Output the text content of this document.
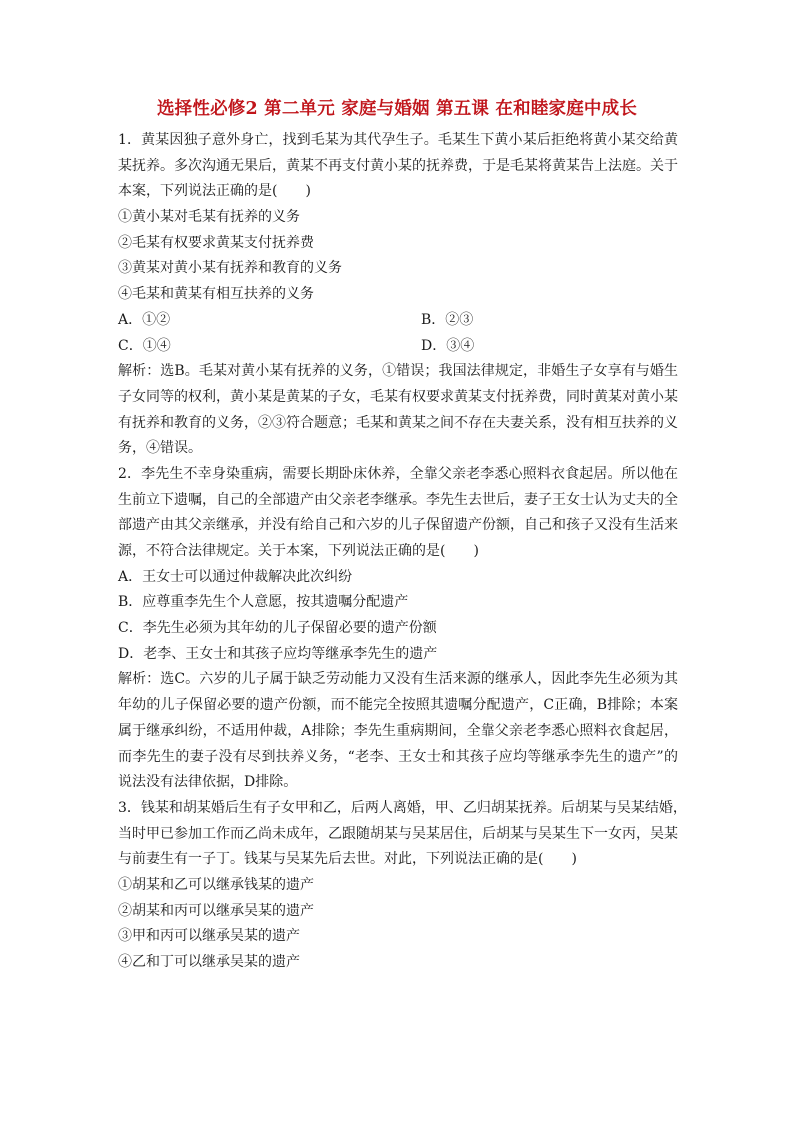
选择性必修2 第二单元 家庭与婚姻 第五课 在和睦家庭中成长
1．黄某因独子意外身亡，找到毛某为其代孕生子。毛某生下黄小某后拒绝将黄小某交给黄
某抚养。多次沟通无果后，黄某不再支付黄小某的抚养费，于是毛某将黄某告上法庭。关于
本案，下列说法正确的是(　　)
①黄小某对毛某有抚养的义务
②毛某有权要求黄某支付抚养费
③黄某对黄小某有抚养和教育的义务
④毛某和黄某有相互扶养的义务
A．①②	B．②③
C．①④	D．③④
解析：选B。毛某对黄小某有抚养的义务，①错误；我国法律规定，非婚生子女享有与婚生
子女同等的权利，黄小某是黄某的子女，毛某有权要求黄某支付抚养费，同时黄某对黄小某
有抚养和教育的义务，②③符合题意；毛某和黄某之间不存在夫妻关系，没有相互扶养的义
务，④错误。
2．李先生不幸身染重病，需要长期卧床休养，全靠父亲老李悉心照料衣食起居。所以他在
生前立下遗嘱，自己的全部遗产由父亲老李继承。李先生去世后，妻子王女士认为丈夫的全
部遗产由其父亲继承，并没有给自己和六岁的儿子保留遗产份额，自己和孩子又没有生活来
源，不符合法律规定。关于本案，下列说法正确的是(　　)
A．王女士可以通过仲裁解决此次纠纷
B．应尊重李先生个人意愿，按其遗嘱分配遗产
C．李先生必须为其年幼的儿子保留必要的遗产份额
D．老李、王女士和其孩子应均等继承李先生的遗产
解析：选C。六岁的儿子属于缺乏劳动能力又没有生活来源的继承人，因此李先生必须为其
年幼的儿子保留必要的遗产份额，而不能完全按照其遗嘱分配遗产，C正确，B排除；本案
属于继承纠纷，不适用仲裁，A排除；李先生重病期间，全靠父亲老李悉心照料衣食起居，
而李先生的妻子没有尽到扶养义务，“老李、王女士和其孩子应均等继承李先生的遗产”的
说法没有法律依据，D排除。
3．钱某和胡某婚后生有子女甲和乙，后两人离婚，甲、乙归胡某抚养。后胡某与吴某结婚，
当时甲已参加工作而乙尚未成年，乙跟随胡某与吴某居住，后胡某与吴某生下一女丙，吴某
与前妻生有一子丁。钱某与吴某先后去世。对此，下列说法正确的是(　　)
①胡某和乙可以继承钱某的遗产
②胡某和丙可以继承吴某的遗产
③甲和丙可以继承吴某的遗产
④乙和丁可以继承吴某的遗产
